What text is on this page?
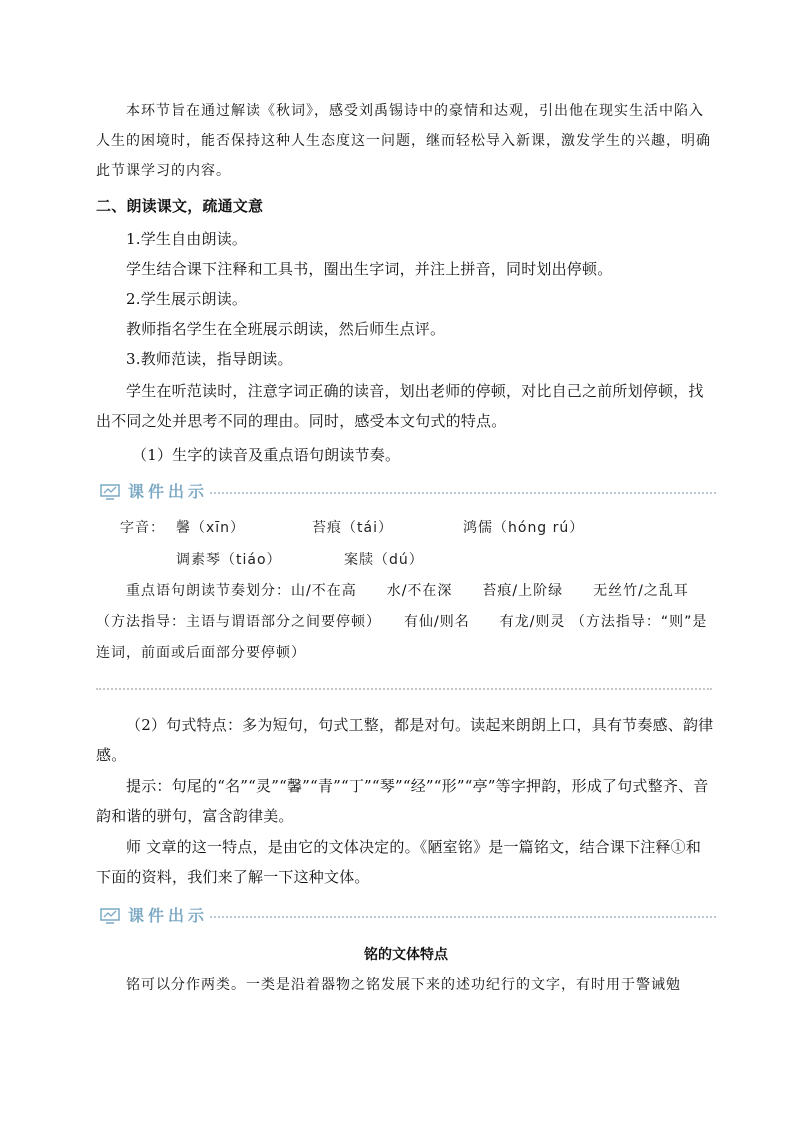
本环节旨在通过解读《秋词》，感受刘禹锡诗中的豪情和达观，引出他在现实生活中陷入人生的困境时，能否保持这种人生态度这一问题，继而轻松导入新课，激发学生的兴趣，明确此节课学习的内容。
二、朗读课文，疏通文意
1.学生自由朗读。
学生结合课下注释和工具书，圈出生字词，并注上拼音，同时划出停顿。
2.学生展示朗读。
教师指名学生在全班展示朗读，然后师生点评。
3.教师范读，指导朗读。
学生在听范读时，注意字词正确的读音，划出老师的停顿，对比自己之前所划停顿，找出不同之处并思考不同的理由。同时，感受本文句式的特点。
（1）生字的读音及重点语句朗读节奏。
课件出示
字音： 馨（xīn）	苔痕（tái）	鸿儒（hóng rú）
调素琴（tiáo）	案牍（dú）
重点语句朗读节奏划分：山/不在高　　水/不在深　　苔痕/上阶绿　　无丝竹/之乱耳（方法指导：主语与谓语部分之间要停顿）　　有仙/则名　　有龙/则灵 （方法指导：“则”是连词，前面或后面部分要停顿）
（2）句式特点：多为短句，句式工整，都是对句。读起来朗朗上口，具有节奏感、韵律感。
提示：句尾的“名”“灵”“馨”“青”“丁”“琴”“经”“形”“亭”等字押韵，形成了句式整齐、音韵和谐的骈句，富含韵律美。
师 文章的这一特点，是由它的文体决定的。《陋室铭》是一篇铭文，结合课下注释①和下面的资料，我们来了解一下这种文体。
课件出示
铭的文体特点
铭可以分作两类。一类是沿着器物之铭发展下来的述功纪行的文字，有时用于警诫勉
